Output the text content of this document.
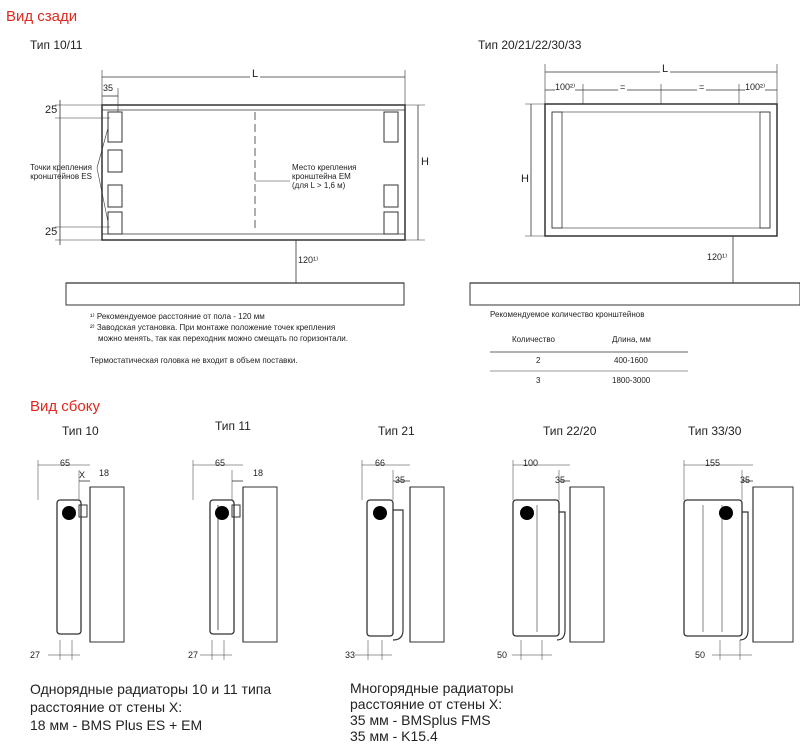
Вид сзади
Тип 10/11	Тип 20/21/22/30/33
L
35
25
25
H
120¹⁾
Точки крепления
кронштейнов ES
Место крепления
кронштейна EM
(для L > 1,6 м)
L
100²⁾	=	=	100²⁾
H
120¹⁾
¹⁾ Рекомендуемое расстояние от пола - 120 мм
²⁾ Заводская установка. При монтаже положение точек крепления
можно менять, так как переходник можно смещать по горизонтали.
Термостатическая головка не входит в объем поставки.
Рекомендуемое количество кронштейнов
Количество	Длина, мм
2	400-1600
3	1800-3000
Вид сбоку
Тип 10
65
X 18
27
Тип 11
65
18
27
Тип 21
66
35
33
Тип 22/20
100
35
50
Тип 33/30
155
35
50
Однорядные радиаторы 10 и 11 типа
расстояние от стены X:
18 мм - BMS Plus ES + EM
Многорядные радиаторы
расстояние от стены X:
35 мм - BMSplus FMS
35 мм - K15.4
